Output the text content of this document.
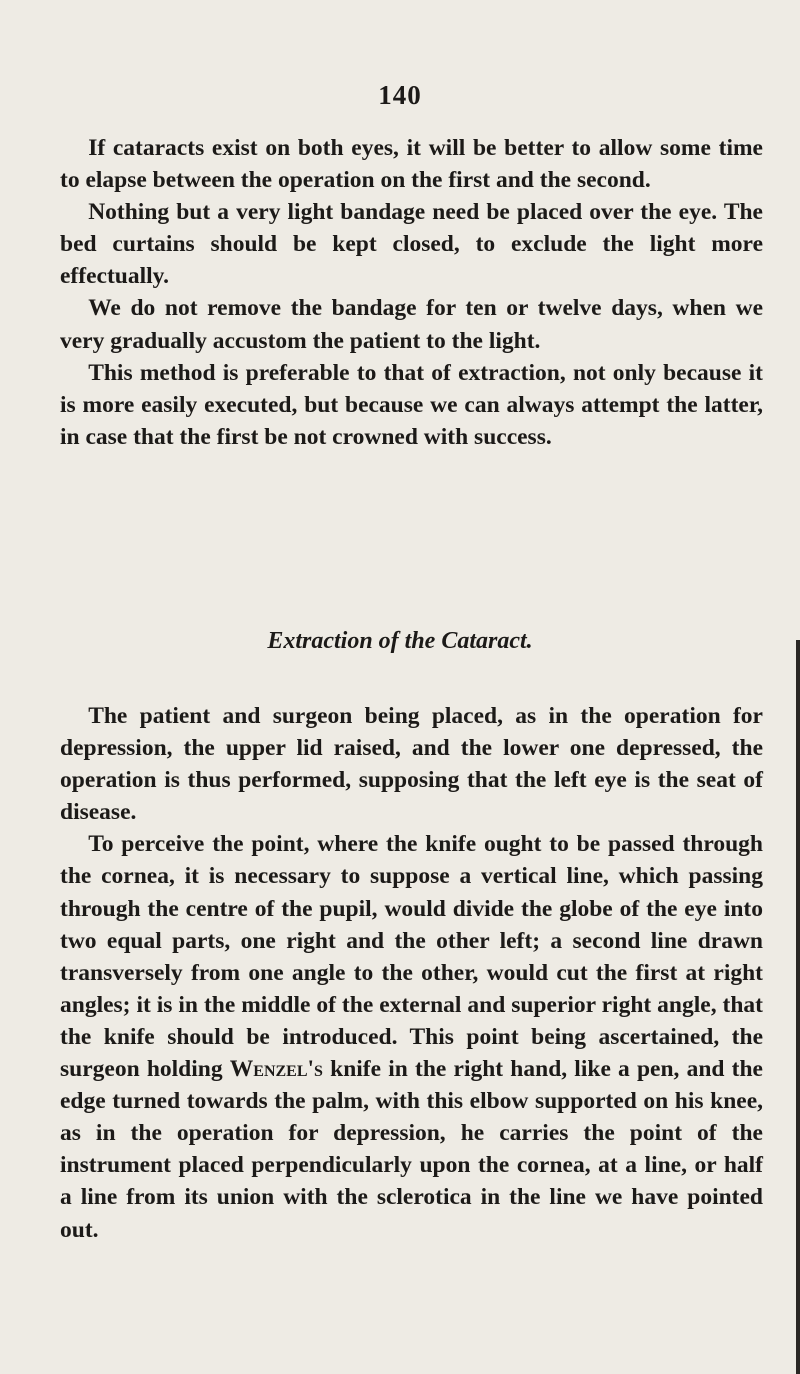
140

If cataracts exist on both eyes, it will be better to allow some time to elapse between the operation on the first and the second.

Nothing but a very light bandage need be placed over the eye. The bed curtains should be kept closed, to exclude the light more effectually.

We do not remove the bandage for ten or twelve days, when we very gradually accustom the patient to the light.

This method is preferable to that of extraction, not only because it is more easily executed, but because we can always attempt the latter, in case that the first be not crowned with success.

Extraction of the Cataract.

The patient and surgeon being placed, as in the operation for depression, the upper lid raised, and the lower one depressed, the operation is thus performed, supposing that the left eye is the seat of disease.

To perceive the point, where the knife ought to be passed through the cornea, it is necessary to suppose a vertical line, which passing through the centre of the pupil, would divide the globe of the eye into two equal parts, one right and the other left; a second line drawn transversely from one angle to the other, would cut the first at right angles; it is in the middle of the external and superior right angle, that the knife should be introduced. This point being ascertained, the surgeon holding Wenzel's knife in the right hand, like a pen, and the edge turned towards the palm, with this elbow supported on his knee, as in the operation for depression, he carries the point of the instrument placed perpendicularly upon the cornea, at a line, or half a line from its union with the sclerotica in the line we have pointed out.
